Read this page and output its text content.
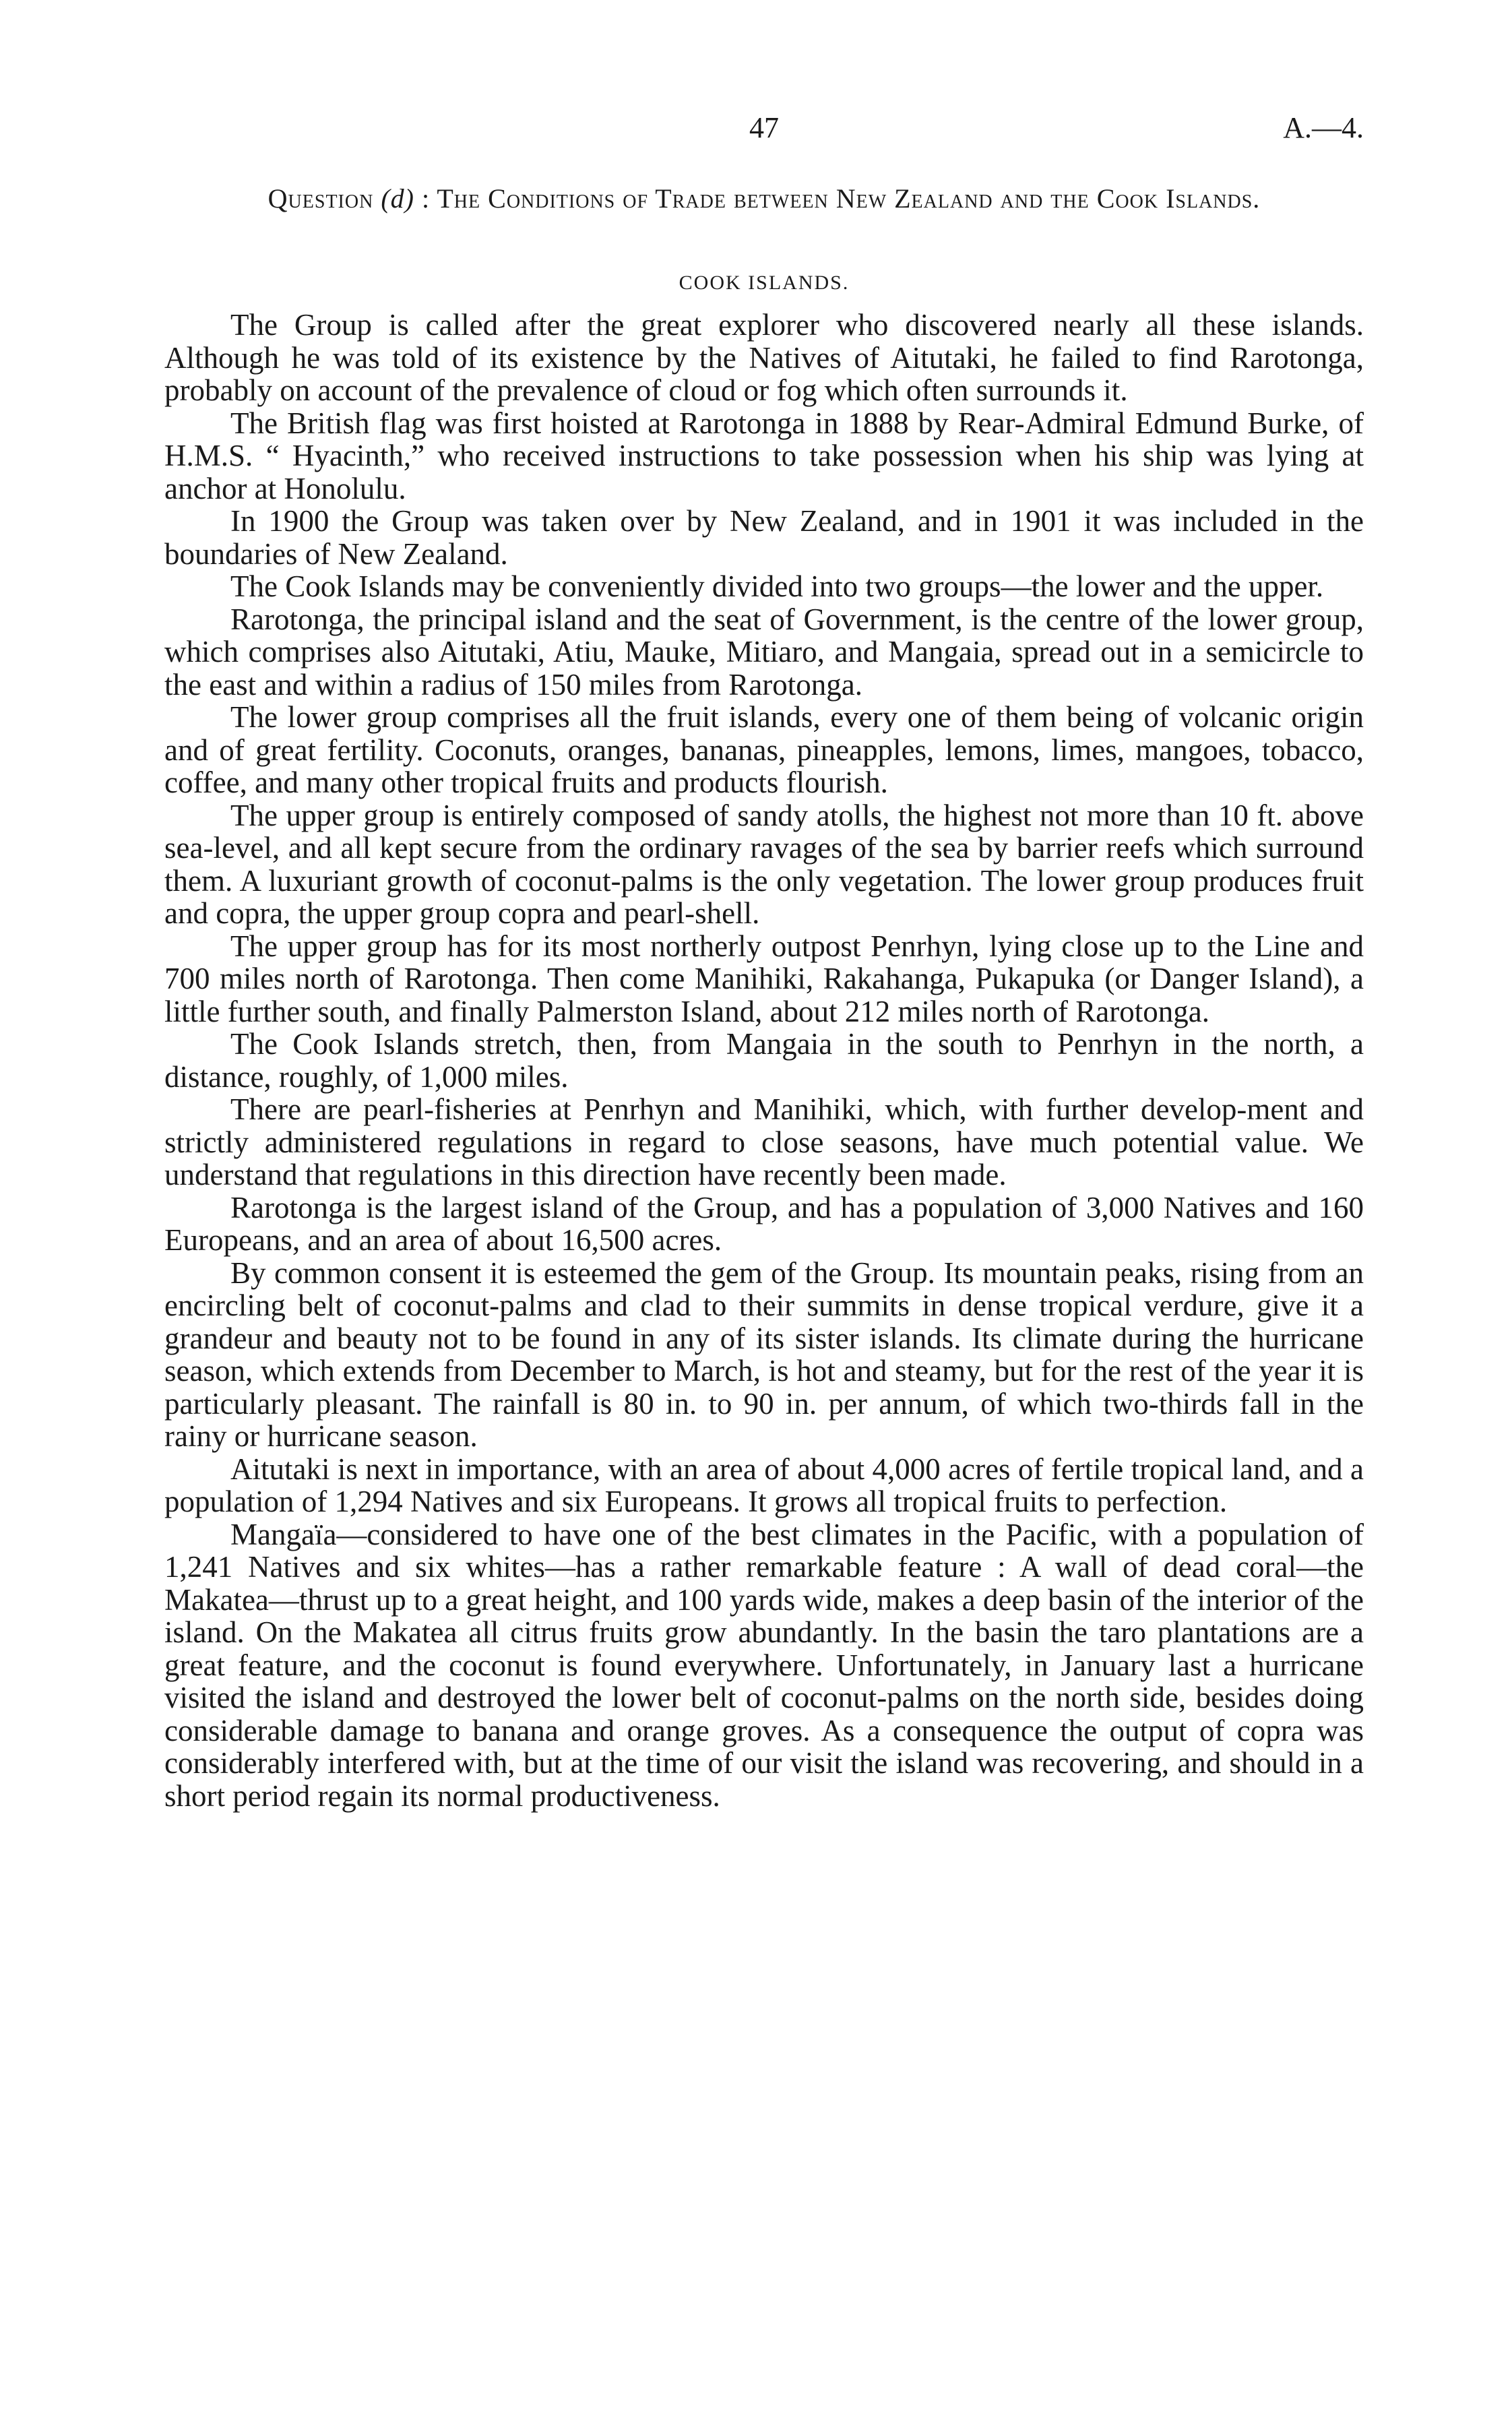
47	A.—4.
Question (d) : The Conditions of Trade between New Zealand and the Cook Islands.
COOK ISLANDS.

The Group is called after the great explorer who discovered nearly all these islands. Although he was told of its existence by the Natives of Aitutaki, he failed to find Rarotonga, probably on account of the prevalence of cloud or fog which often surrounds it.

The British flag was first hoisted at Rarotonga in 1888 by Rear-Admiral Edmund Burke, of H.M.S. “ Hyacinth,” who received instructions to take possession when his ship was lying at anchor at Honolulu.

In 1900 the Group was taken over by New Zealand, and in 1901 it was included in the boundaries of New Zealand.

The Cook Islands may be conveniently divided into two groups—the lower and the upper.

Rarotonga, the principal island and the seat of Government, is the centre of the lower group, which comprises also Aitutaki, Atiu, Mauke, Mitiaro, and Mangaia, spread out in a semicircle to the east and within a radius of 150 miles from Rarotonga.

The lower group comprises all the fruit islands, every one of them being of volcanic origin and of great fertility. Coconuts, oranges, bananas, pineapples, lemons, limes, mangoes, tobacco, coffee, and many other tropical fruits and products flourish.

The upper group is entirely composed of sandy atolls, the highest not more than 10 ft. above sea-level, and all kept secure from the ordinary ravages of the sea by barrier reefs which surround them. A luxuriant growth of coconut-palms is the only vegetation. The lower group produces fruit and copra, the upper group copra and pearl-shell.

The upper group has for its most northerly outpost Penrhyn, lying close up to the Line and 700 miles north of Rarotonga. Then come Manihiki, Rakahanga, Pukapuka (or Danger Island), a little further south, and finally Palmerston Island, about 212 miles north of Rarotonga.

The Cook Islands stretch, then, from Mangaia in the south to Penrhyn in the north, a distance, roughly, of 1,000 miles.

There are pearl-fisheries at Penrhyn and Manihiki, which, with further develop-ment and strictly administered regulations in regard to close seasons, have much potential value. We understand that regulations in this direction have recently been made.

Rarotonga is the largest island of the Group, and has a population of 3,000 Natives and 160 Europeans, and an area of about 16,500 acres.

By common consent it is esteemed the gem of the Group. Its mountain peaks, rising from an encircling belt of coconut-palms and clad to their summits in dense tropical verdure, give it a grandeur and beauty not to be found in any of its sister islands. Its climate during the hurricane season, which extends from December to March, is hot and steamy, but for the rest of the year it is particularly pleasant. The rainfall is 80 in. to 90 in. per annum, of which two-thirds fall in the rainy or hurricane season.

Aitutaki is next in importance, with an area of about 4,000 acres of fertile tropical land, and a population of 1,294 Natives and six Europeans. It grows all tropical fruits to perfection.

Mangaïa—considered to have one of the best climates in the Pacific, with a population of 1,241 Natives and six whites—has a rather remarkable feature : A wall of dead coral—the Makatea—thrust up to a great height, and 100 yards wide, makes a deep basin of the interior of the island. On the Makatea all citrus fruits grow abundantly. In the basin the taro plantations are a great feature, and the coconut is found everywhere. Unfortunately, in January last a hurricane visited the island and destroyed the lower belt of coconut-palms on the north side, besides doing considerable damage to banana and orange groves. As a consequence the output of copra was considerably interfered with, but at the time of our visit the island was recovering, and should in a short period regain its normal productiveness.
